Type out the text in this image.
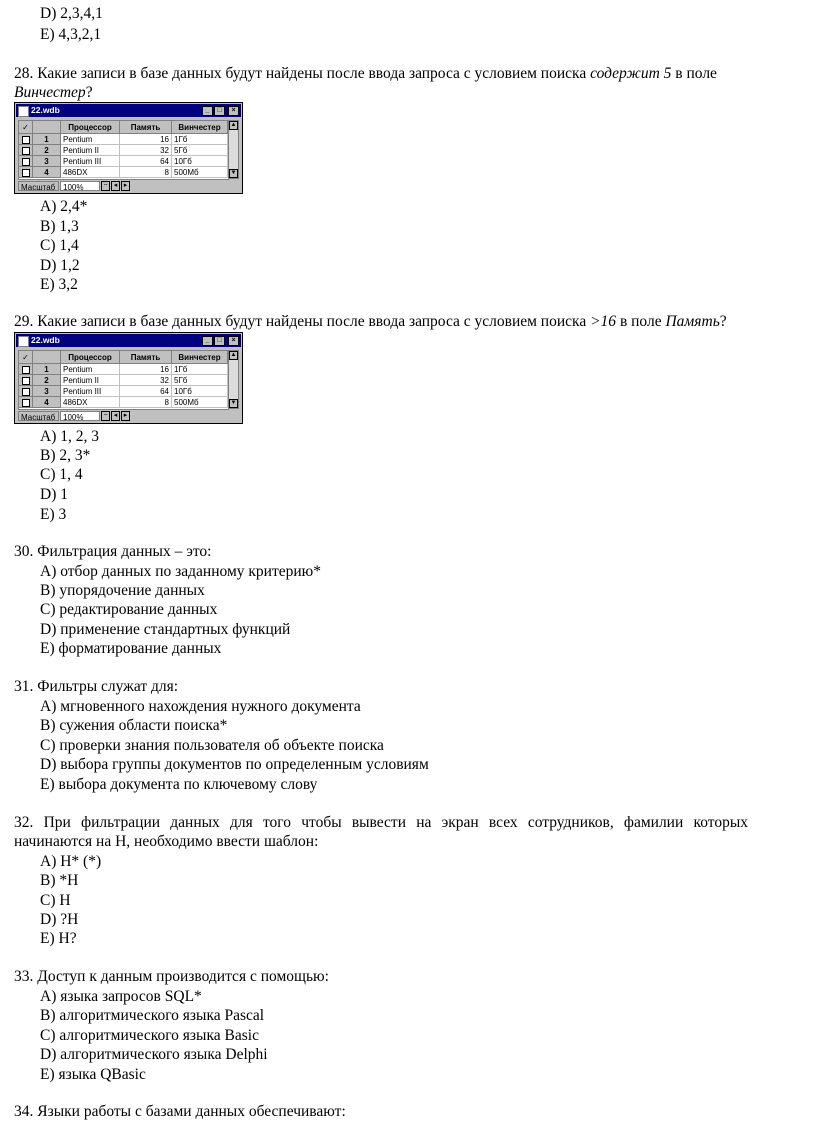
D) 2,3,4,1
E) 4,3,2,1
28. Какие записи в базе данных будут найдены после ввода запроса с условием поиска содержит 5 в поле
Винчестер?
22.wdb	_	□	×
✓	Процессор	Память	Винчестер
1	Pentium	16 1Гб
2	Pentium II	32 5Гб
3	Pentium III	64 10Гб
4	486DX	8 500Мб
▲
▼
Масштаб 100%	− ◂ ▸
A) 2,4*
B) 1,3
C) 1,4
D) 1,2
E) 3,2
29. Какие записи в базе данных будут найдены после ввода запроса с условием поиска >16 в поле Память?
22.wdb	_	□	×
✓	Процессор	Память	Винчестер
1	Pentium	16 1Гб
2	Pentium II	32 5Гб
3	Pentium III	64 10Гб
4	486DX	8 500Мб
▲
▼
Масштаб 100%	− ◂ ▸
A) 1, 2, 3
B) 2, 3*
C) 1, 4
D) 1
E) 3
30. Фильтрация данных – это:
A) отбор данных по заданному критерию*
B) упорядочение данных
C) редактирование данных
D) применение стандартных функций
E) форматирование данных
31. Фильтры служат для:
A) мгновенного нахождения нужного документа
B) сужения области поиска*
C) проверки знания пользователя об объекте поиска
D) выбора группы документов по определенным условиям
E) выбора документа по ключевому слову
32. При фильтрации данных для того чтобы вывести на экран всех сотрудников, фамилии которых
начинаются на Н, необходимо ввести шаблон:
A) Н* (*)
B) *Н
C) Н
D) ?Н
E) Н?
33. Доступ к данным производится с помощью:
A) языка запросов SQL*
B) алгоритмического языка Pascal
C) алгоритмического языка Basic
D) алгоритмического языка Delphi
E) языка QBasic
34. Языки работы с базами данных обеспечивают:
